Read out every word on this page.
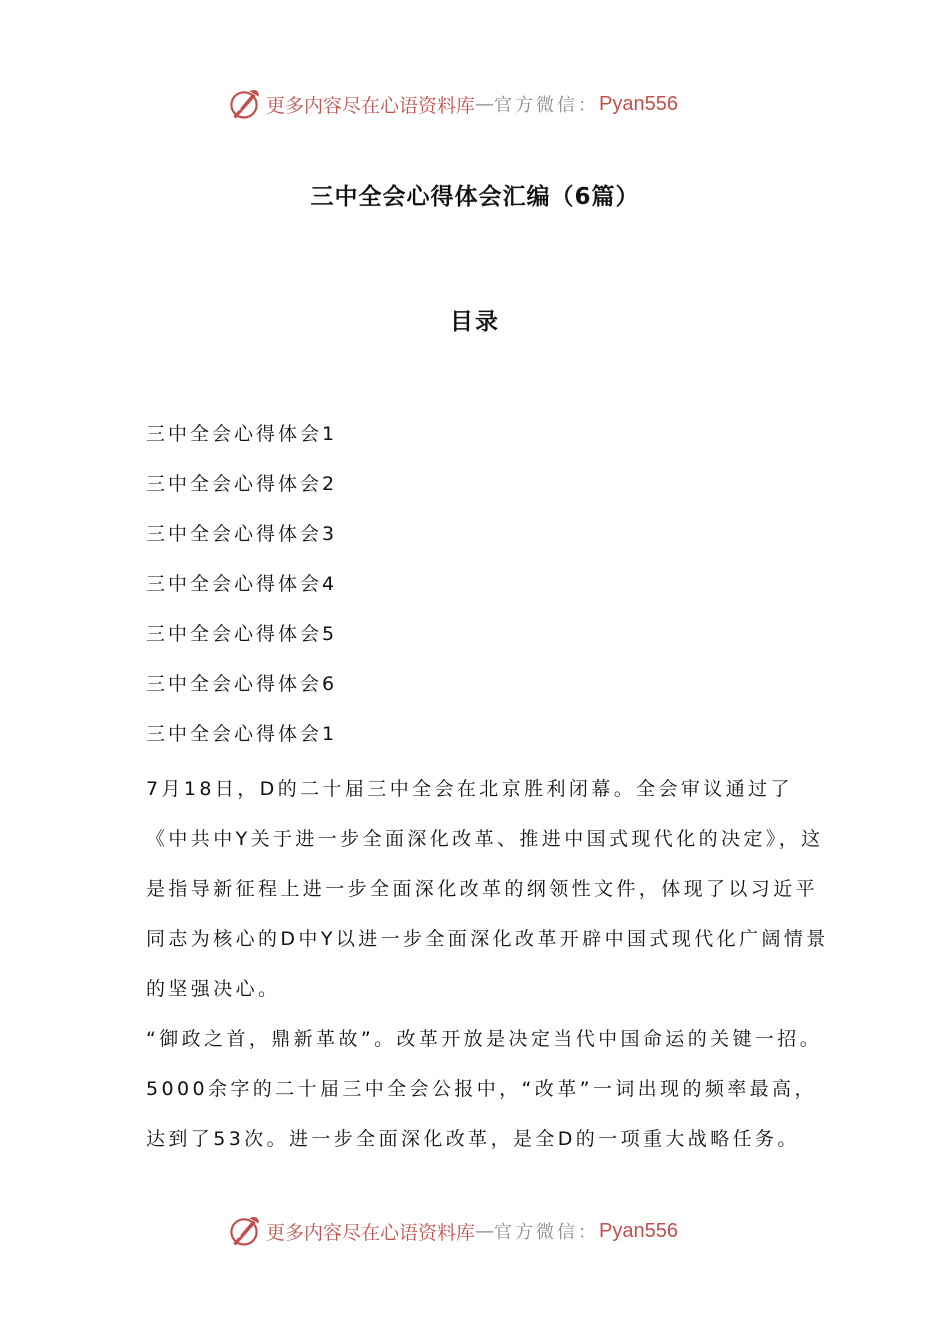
更多内容尽在心语资料库 — 官方微信： Pyan556
三中全会心得体会汇编（6篇）
目录
三中全会心得体会1
三中全会心得体会2
三中全会心得体会3
三中全会心得体会4
三中全会心得体会5
三中全会心得体会6
三中全会心得体会1

7月18日，D的二十届三中全会在北京胜利闭幕。全会审议通过了《中共中Y关于进一步全面深化改革、推进中国式现代化的决定》，这是指导新征程上进一步全面深化改革的纲领性文件，体现了以习近平同志为核心的D中Y以进一步全面深化改革开辟中国式现代化广阔情景的坚强决心。

“御政之首，鼎新革故”。改革开放是决定当代中国命运的关键一招。5000余字的二十届三中全会公报中，“改革”一词出现的频率最高，达到了53次。进一步全面深化改革，是全D的一项重大战略任务。

更多内容尽在心语资料库 — 官方微信： Pyan556
